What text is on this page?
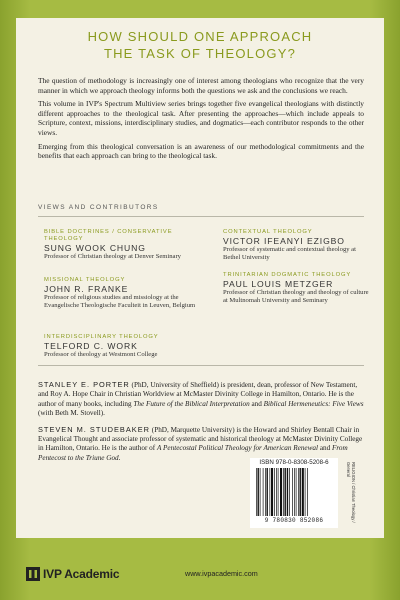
HOW SHOULD ONE APPROACH
THE TASK OF THEOLOGY?

The question of methodology is increasingly one of interest among theologians who recognize that the very manner in which we approach theology informs both the questions we ask and the conclusions we reach.

This volume in IVP's Spectrum Multiview series brings together five evangelical theologians with distinctly different approaches to the theological task. After presenting the approaches—which include appeals to Scripture, context, missions, interdisciplinary studies, and dogmatics—each contributor responds to the other views.

Emerging from this theological conversation is an awareness of our methodological commitments and the benefits that each approach can bring to the theological task.

VIEWS AND CONTRIBUTORS
BIBLE DOCTRINES / CONSERVATIVE THEOLOGY
SUNG WOOK CHUNG
Professor of Christian theology at Denver Seminary
MISSIONAL THEOLOGY
JOHN R. FRANKE
Professor of religious studies and missiology at the Evangelische Theologische Faculteit in Leuven, Belgium
INTERDISCIPLINARY THEOLOGY
TELFORD C. WORK
Professor of theology at Westmont College
CONTEXTUAL THEOLOGY
VICTOR IFEANYI EZIGBO
Professor of systematic and contextual theology at Bethel University
TRINITARIAN DOGMATIC THEOLOGY
PAUL LOUIS METZGER
Professor of Christian theology and theology of culture at Multnomah University and Seminary

STANLEY E. PORTER (PhD, University of Sheffield) is president, dean, professor of New Testament, and Roy A. Hope Chair in Christian Worldview at McMaster Divinity College in Hamilton, Ontario. He is the author of many books, including The Future of the Biblical Interpretation and Biblical Hermeneutics: Five Views (with Beth M. Stovell).

STEVEN M. STUDEBAKER (PhD, Marquette University) is the Howard and Shirley Bentall Chair in Evangelical Thought and associate professor of systematic and historical theology at McMaster Divinity College in Hamilton, Ontario. He is the author of A Pentecostal Political Theology for American Renewal and From Pentecost to the Triune God.

ISBN 978-0-8308-5208-6
9 780830 852086	RELIGION / Christian Theology / General
IVP Academic	www.ivpacademic.com
